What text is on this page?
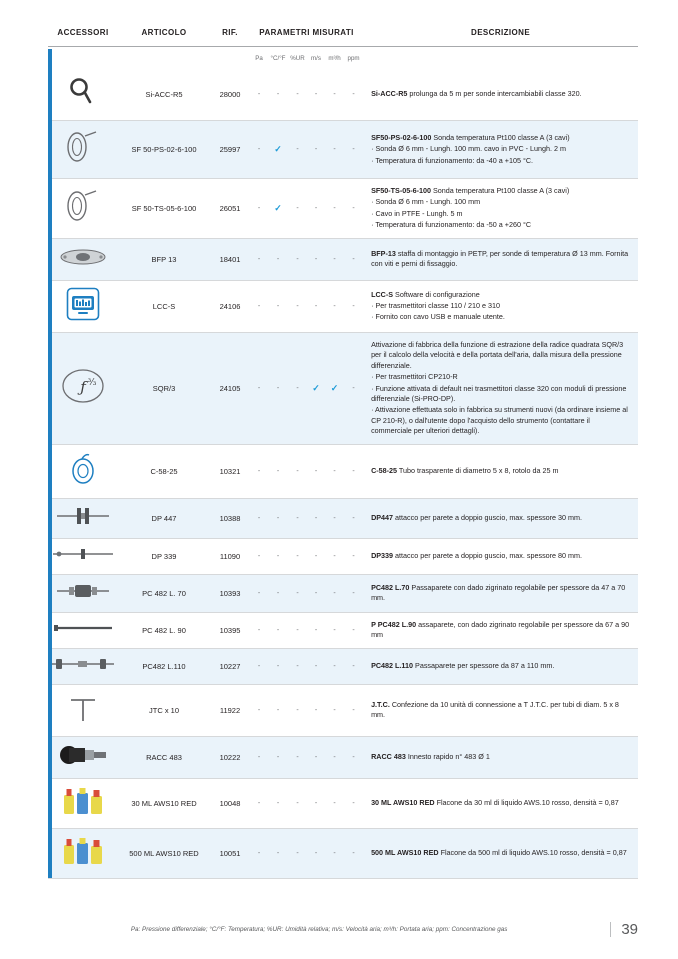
ACCESSORI	ARTICOLO	RIF.	PARAMETRI MISURATI						DESCRIZIONE
			Pa	°C/°F	%UR	m/s	m³/h	ppm	

	Si-ACC-R5	28000	-	-	-	-	-	-	Si-ACC-R5 prolunga da 5 m per sonde intercambiabili classe 320.

	SF 50-PS-02-6-100	25997	-	✓	-	-	-	-	SF50-PS-02-6-100 Sonda temperatura Pt100 classe A (3 cavi)
· Sonda Ø 6 mm - Lungh. 100 mm. cavo in PVC - Lungh. 2 m
· Temperatura di funzionamento: da -40 a +105 °C.

	SF 50-TS-05-6-100	26051	-	✓	-	-	-	-	SF50-TS-05-6-100 Sonda temperatura Pt100 classe A (3 cavi)
· Sonda Ø 6 mm - Lungh. 100 mm
· Cavo in PTFE - Lungh. 5 m
· Temperatura di funzionamento: da -50 a +260 °C

	BFP 13	18401	-	-	-	-	-	-	BFP-13 staffa di montaggio in PETP, per sonde di temperatura Ø 13 mm. Fornita con viti e perni di fissaggio.

	LCC-S	24106	-	-	-	-	-	-	LCC-S Software di configurazione
· Per trasmettitori classe 110 / 210 e 310
· Fornito con cavo USB e manuale utente.

ƒ ³⁄₃	SQR/3	24105	-	-	-	✓	✓	-	Attivazione di fabbrica della funzione di estrazione della radice quadrata SQR/3 per il calcolo della velocità e della portata dell'aria, dalla misura della pressione differenziale.
· Per trasmettitori CP210-R
· Funzione attivata di default nei trasmettitori classe 320 con moduli di pressione differenziale (Si-PRO-DP).
· Attivazione effettuata solo in fabbrica su strumenti nuovi (da ordinare insieme al CP 210-R), o dall'utente dopo l'acquisto dello strumento (contattare il commerciale per ulteriori dettagli).

	C-58-25	10321	-	-	-	-	-	-	C-58-25 Tubo trasparente di diametro 5 x 8, rotolo da 25 m

	DP 447	10388	-	-	-	-	-	-	DP447 attacco per parete a doppio guscio, max. spessore 30 mm.

	DP 339	11090	-	-	-	-	-	-	DP339 attacco per parete a doppio guscio, max. spessore 80 mm.

	PC 482 L. 70	10393	-	-	-	-	-	-	PC482 L.70 Passaparete con dado zigrinato regolabile per spessore da 47 a 70 mm.

	PC 482 L. 90	10395	-	-	-	-	-	-	P PC482 L.90 assaparete, con dado zigrinato regolabile per spessore da 67 a 90 mm

	PC482 L.110	10227	-	-	-	-	-	-	PC482 L.110 Passaparete per spessore da 87 a 110 mm.

	JTC x 10	11922	-	-	-	-	-	-	J.T.C. Confezione da 10 unità di connessione a T J.T.C. per tubi di diam. 5 x 8 mm.

	RACC 483	10222	-	-	-	-	-	-	RACC 483 Innesto rapido n° 483 Ø 1

	30 ML AWS10 RED	10048	-	-	-	-	-	-	30 ML AWS10 RED Flacone da 30 ml di liquido AWS.10 rosso, densità = 0,87

	500 ML AWS10 RED	10051	-	-	-	-	-	-	500 ML AWS10 RED Flacone da 500 ml di liquido AWS.10 rosso, densità = 0,87
Pa: Pressione differenziale; °C/°F: Temperatura; %UR: Umidità relativa; m/s: Velocità aria; m³/h: Portata aria; ppm: Concentrazione gas	39
